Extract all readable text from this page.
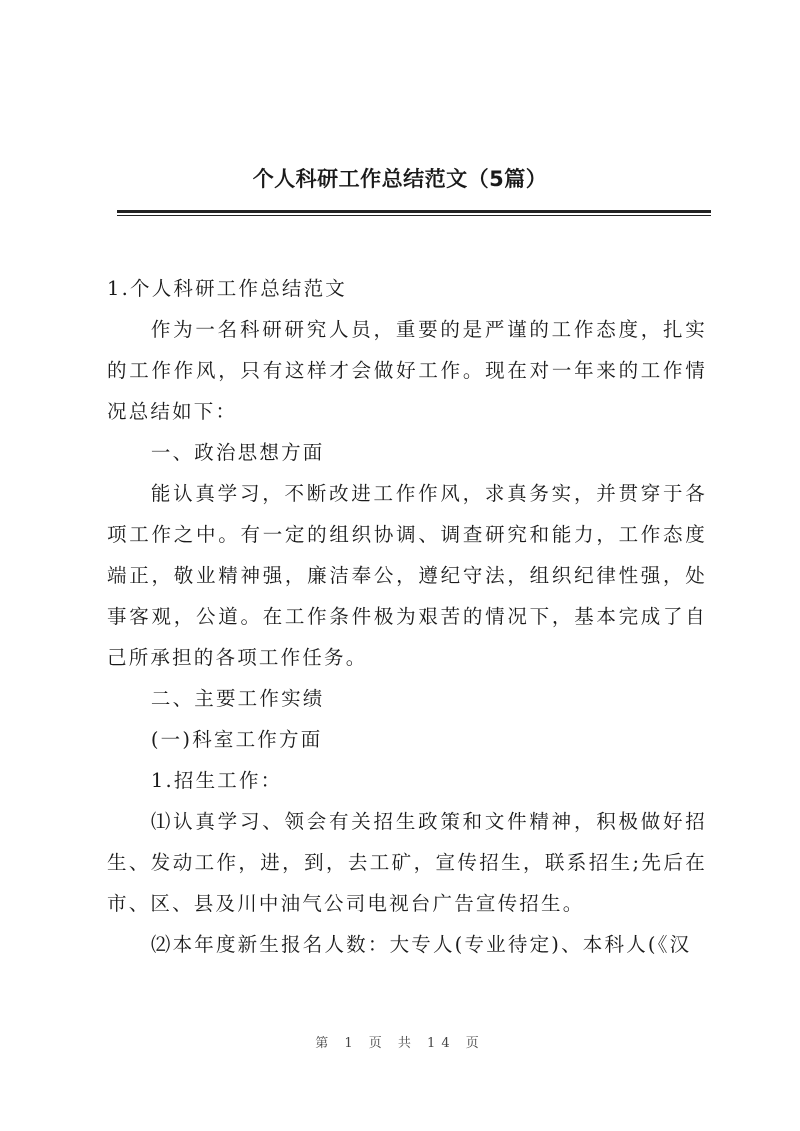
个人科研工作总结范文（5篇）

1.个人科研工作总结范文

作为一名科研研究人员，重要的是严谨的工作态度，扎实的工作作风，只有这样才会做好工作。现在对一年来的工作情况总结如下：

一、政治思想方面

能认真学习，不断改进工作作风，求真务实，并贯穿于各项工作之中。有一定的组织协调、调查研究和能力，工作态度端正，敬业精神强，廉洁奉公，遵纪守法，组织纪律性强，处事客观，公道。在工作条件极为艰苦的情况下，基本完成了自己所承担的各项工作任务。

二、主要工作实绩

(一)科室工作方面

1.招生工作：

⑴认真学习、领会有关招生政策和文件精神，积极做好招生、发动工作，进，到，去工矿，宣传招生，联系招生;先后在市、区、县及川中油气公司电视台广告宣传招生。

⑵本年度新生报名人数：大专人(专业待定)、本科人(《汉

第 1 页 共 14 页
